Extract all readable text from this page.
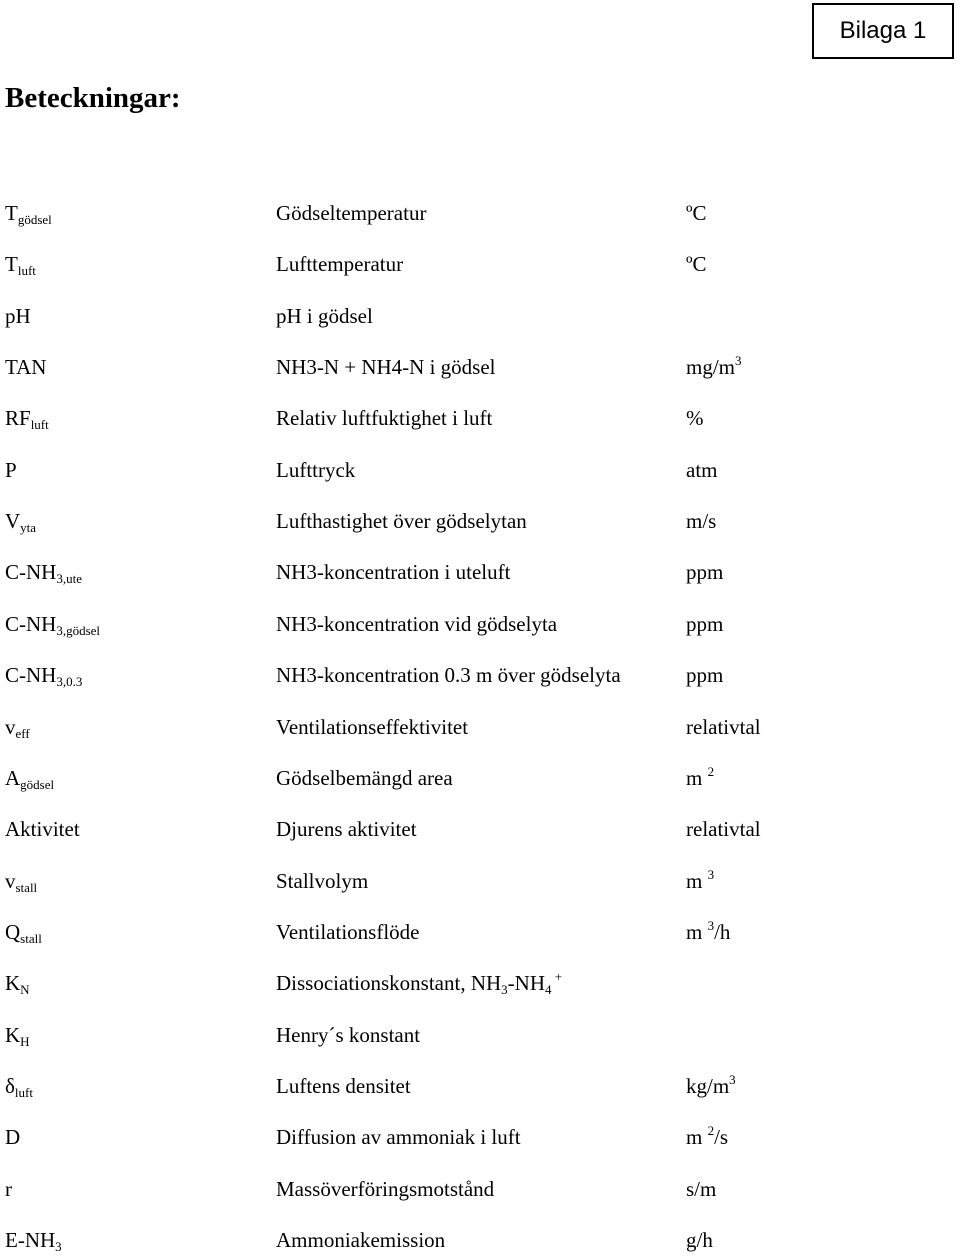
Bilaga 1
Beteckningar:
$T_{gödsel}$	Gödseltemperatur	ºC
$T_{luft}$	Lufttemperatur	ºC
pH	pH i gödsel
TAN	NH3-N + NH4-N i gödsel	$mg/m^3$
$RF_{luft}$	Relativ luftfuktighet i luft	%
P	Lufttryck	atm
$V_{yta}$	Lufthastighet över gödselytan	m/s
$C-NH_{3,ute}$	NH3-koncentration i uteluft	ppm
$C-NH_{3,gödsel}$	NH3-koncentration vid gödselyta	ppm
$C-NH_{3,0.3}$	NH3-koncentration 0.3 m över gödselyta	ppm
$v_{eff}$	Ventilationseffektivitet	relativtal
$A_{gödsel}$	Gödselbemängd area	m $^2$
Aktivitet	Djurens aktivitet	relativtal
$v_{stall}$	Stallvolym	m $^3$
$Q_{stall}$	Ventilationsflöde	m $^3$/h
$K_N$	Dissociationskonstant, $NH_3-NH_4$ +
$K_H$	Henry´s konstant
$\delta_{luft}$	Luftens densitet	$kg/m^3$
D	Diffusion av ammoniak i luft	m $^2$/s
r	Massöverföringsmotstånd	s/m
$E-NH_3$	Ammoniakemission	g/h
